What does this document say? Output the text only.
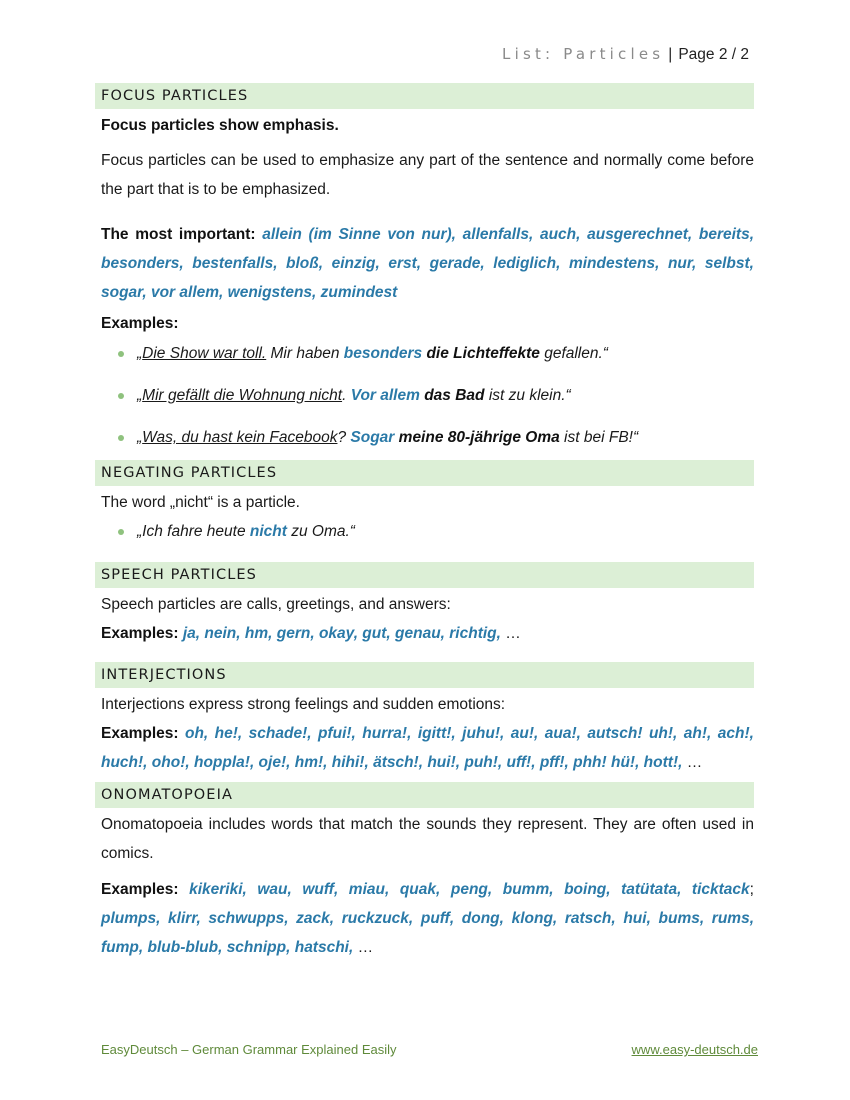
List: Particles | Page 2 / 2
FOCUS PARTICLES
Focus particles show emphasis.
Focus particles can be used to emphasize any part of the sentence and normally come before the part that is to be emphasized.
The most important: allein (im Sinne von nur), allenfalls, auch, ausgerechnet, bereits, besonders, bestenfalls, bloß, einzig, erst, gerade, lediglich, mindestens, nur, selbst, sogar, vor allem, wenigstens, zumindest
Examples:
„Die Show war toll. Mir haben besonders die Lichteffekte gefallen.“
„Mir gefällt die Wohnung nicht. Vor allem das Bad ist zu klein.“
„Was, du hast kein Facebook? Sogar meine 80-jährige Oma ist bei FB!“
NEGATING PARTICLES
The word „nicht“ is a particle.
„Ich fahre heute nicht zu Oma.“
SPEECH PARTICLES
Speech particles are calls, greetings, and answers:
Examples: ja, nein, hm, gern, okay, gut, genau, richtig, …
INTERJECTIONS
Interjections express strong feelings and sudden emotions:
Examples: oh, he!, schade!, pfui!, hurra!, igitt!, juhu!, au!, aua!, autsch! uh!, ah!, ach!, huch!, oho!, hoppla!, oje!, hm!, hihi!, ätsch!, hui!, puh!, uff!, pff!, phh! hü!, hott!, …
ONOMATOPOEIA
Onomatopoeia includes words that match the sounds they represent. They are often used in comics.
Examples: kikeriki, wau, wuff, miau, quak, peng, bumm, boing, tatütata, ticktack; plumps, klirr, schwupps, zack, ruckzuck, puff, dong, klong, ratsch, hui, bums, rums, fump, blub-blub, schnipp, hatschi, …
EasyDeutsch – German Grammar Explained Easily	www.easy-deutsch.de
